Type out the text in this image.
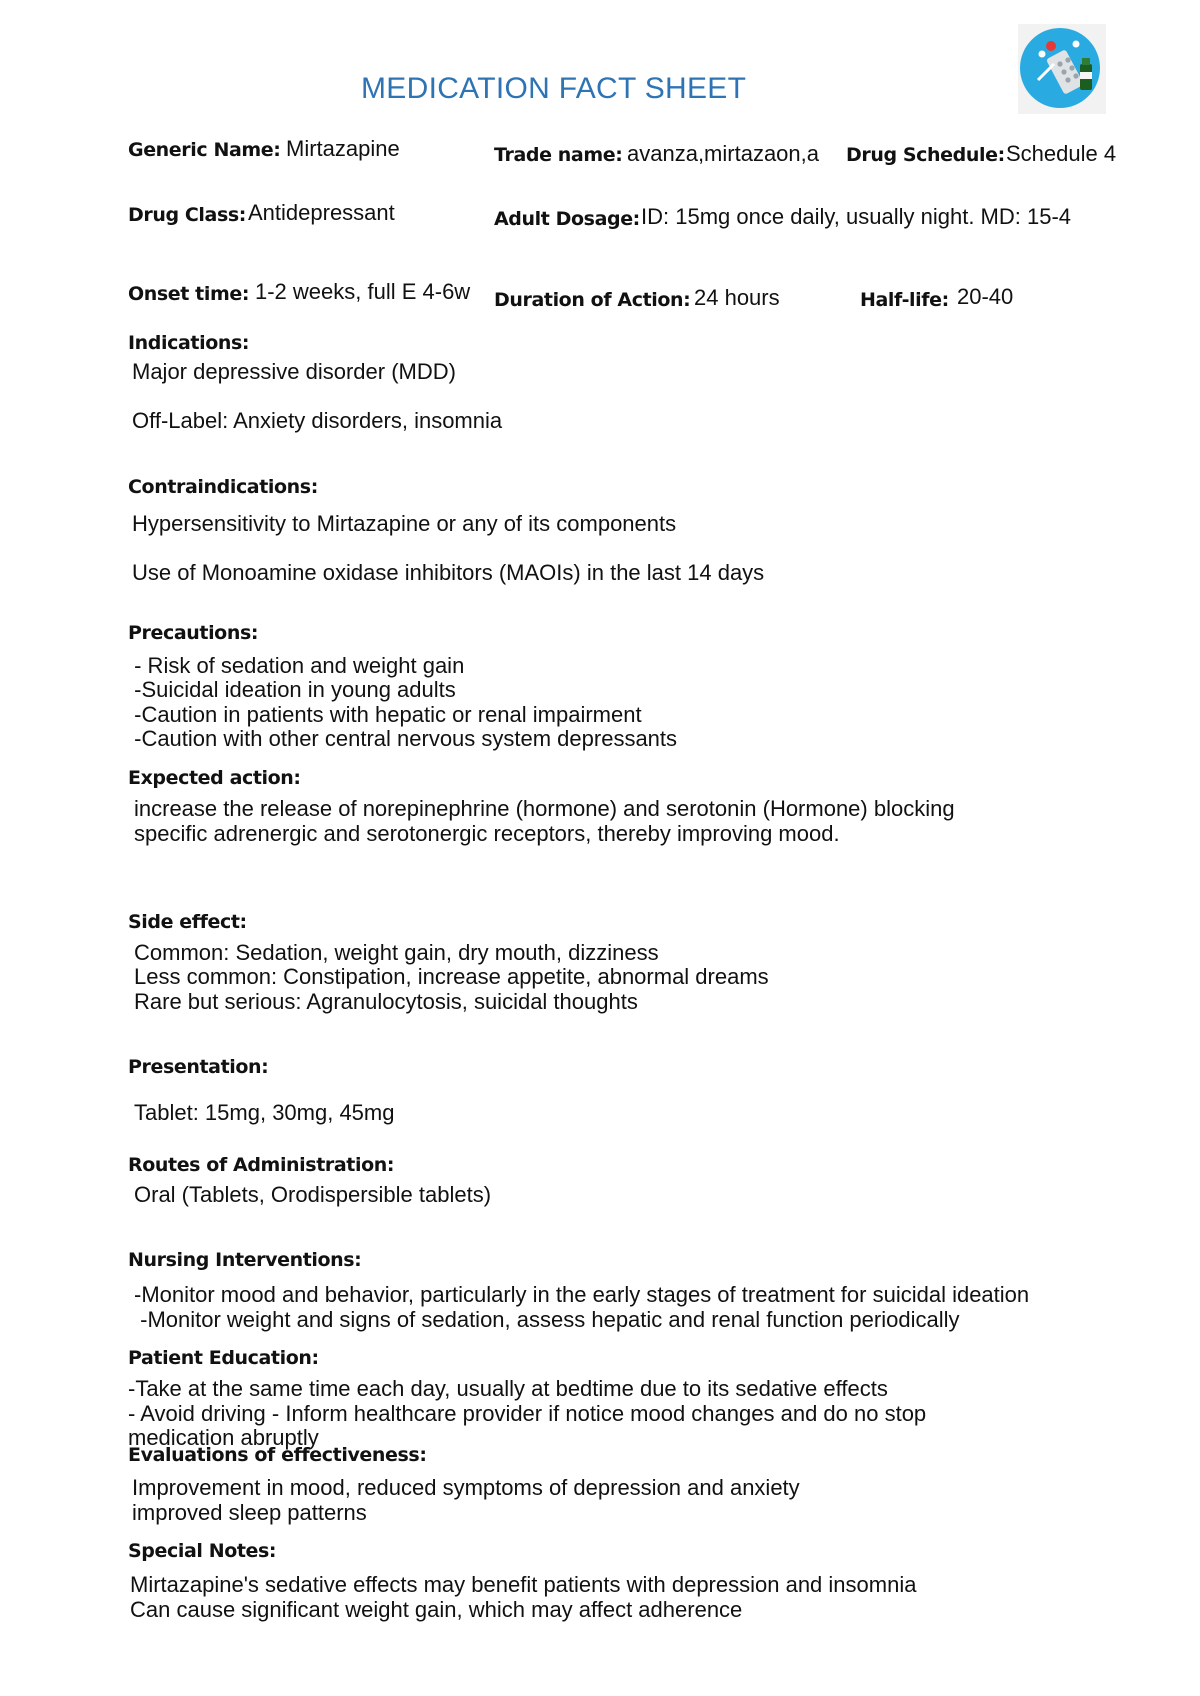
MEDICATION FACT SHEET
Generic Name: Mirtazapine	Trade name: avanza,mirtazaon,a Drug Schedule: Schedule 4
Drug Class: Antidepressant	Adult Dosage: ID: 15mg once daily, usually night. MD: 15-4
Onset time: 1-2 weeks, full E 4-6w Duration of Action: 24 hours	Half-life: 20-40
Indications:
Major depressive disorder (MDD)
Off-Label: Anxiety disorders, insomnia
Contraindications:
Hypersensitivity to Mirtazapine or any of its components
Use of Monoamine oxidase inhibitors (MAOIs) in the last 14 days
Precautions:
- Risk of sedation and weight gain
-Suicidal ideation in young adults
-Caution in patients with hepatic or renal impairment
-Caution with other central nervous system depressants
Expected action:
increase the release of norepinephrine (hormone) and serotonin (Hormone) blocking
specific adrenergic and serotonergic receptors, thereby improving mood.
Side effect:
Common: Sedation, weight gain, dry mouth, dizziness
Less common: Constipation, increase appetite, abnormal dreams
Rare but serious: Agranulocytosis, suicidal thoughts
Presentation:
Tablet: 15mg, 30mg, 45mg
Routes of Administration:
Oral (Tablets, Orodispersible tablets)
Nursing Interventions:
-Monitor mood and behavior, particularly in the early stages of treatment for suicidal ideation
-Monitor weight and signs of sedation, assess hepatic and renal function periodically
Patient Education:
-Take at the same time each day, usually at bedtime due to its sedative effects
- Avoid driving - Inform healthcare provider if notice mood changes and do no stop
medication abruptly
Evaluations of effectiveness:
Improvement in mood, reduced symptoms of depression and anxiety
improved sleep patterns
Special Notes:
Mirtazapine's sedative effects may benefit patients with depression and insomnia
Can cause significant weight gain, which may affect adherence
